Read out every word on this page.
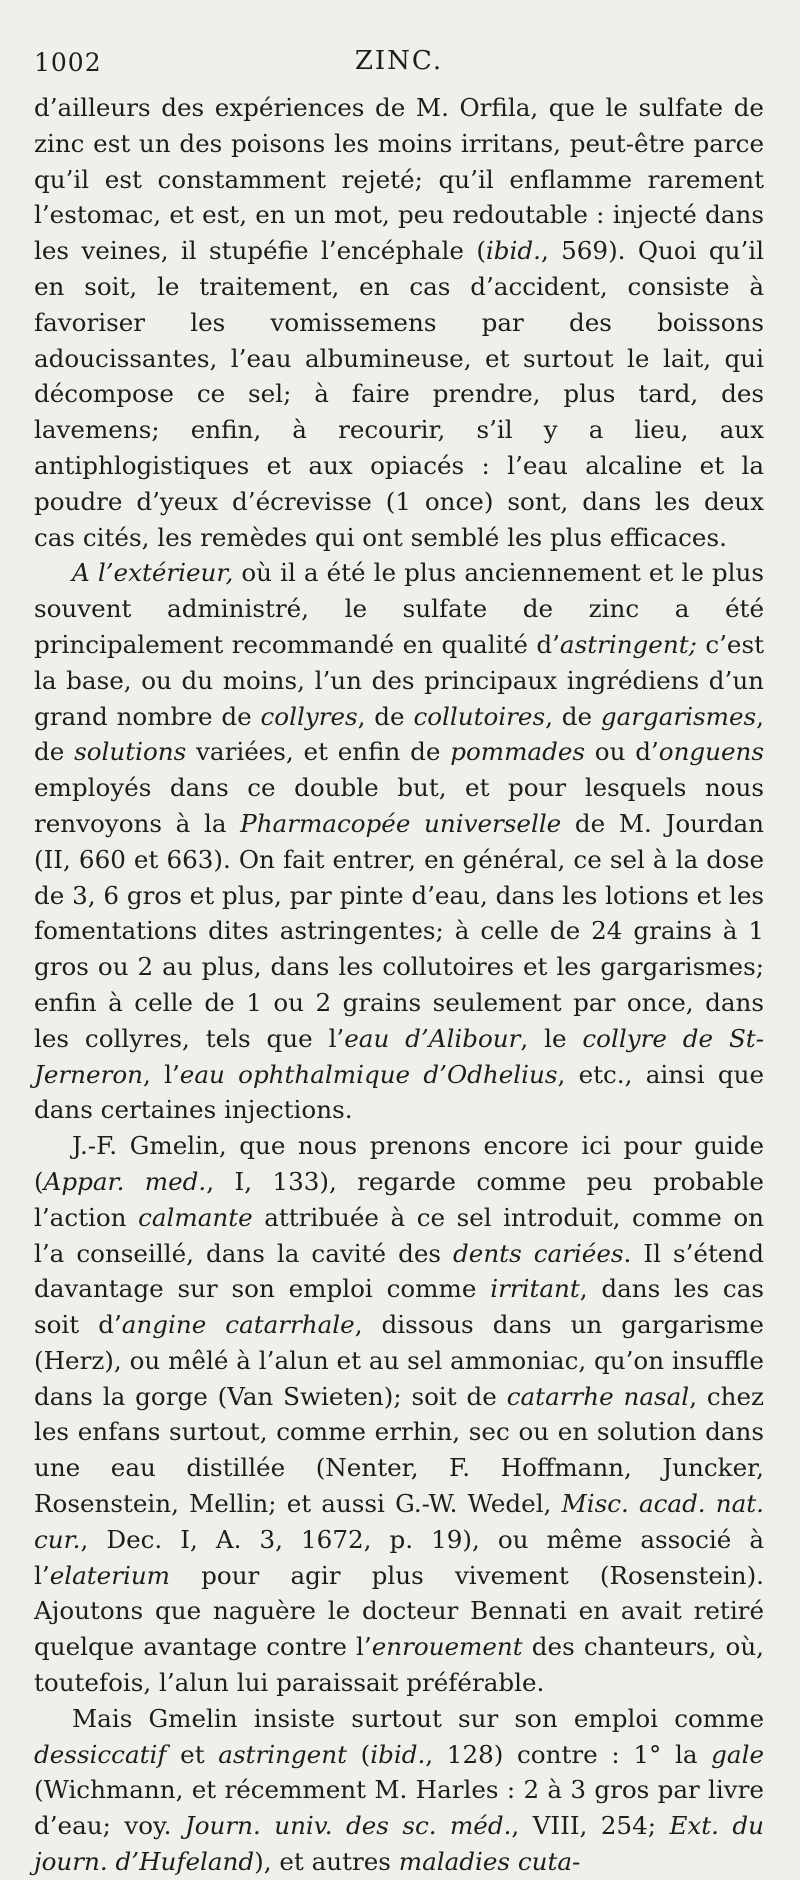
1002	ZINC.

d’ailleurs des expériences de M. Orfila, que le sulfate de zinc est un des poisons les moins irritans, peut-être parce qu’il est constamment rejeté; qu’il enflamme rarement l’estomac, et est, en un mot, peu redoutable : injecté dans les veines, il stupéfie l’encéphale (ibid., 569). Quoi qu’il en soit, le traitement, en cas d’accident, consiste à favoriser les vomissemens par des boissons adoucissantes, l’eau albumineuse, et surtout le lait, qui décompose ce sel; à faire prendre, plus tard, des lavemens; enfin, à recourir, s’il y a lieu, aux antiphlogistiques et aux opiacés : l’eau alcaline et la poudre d’yeux d’écrevisse (1 once) sont, dans les deux cas cités, les remèdes qui ont semblé les plus efficaces.

A l’extérieur, où il a été le plus anciennement et le plus souvent administré, le sulfate de zinc a été principalement recommandé en qualité d’astringent; c’est la base, ou du moins, l’un des principaux ingrédiens d’un grand nombre de collyres, de collutoires, de gargarismes, de solutions variées, et enfin de pommades ou d’onguens employés dans ce double but, et pour lesquels nous renvoyons à la Pharmacopée universelle de M. Jourdan (II, 660 et 663). On fait entrer, en général, ce sel à la dose de 3, 6 gros et plus, par pinte d’eau, dans les lotions et les fomentations dites astringentes; à celle de 24 grains à 1 gros ou 2 au plus, dans les collutoires et les gargarismes; enfin à celle de 1 ou 2 grains seulement par once, dans les collyres, tels que l’eau d’Alibour, le collyre de St-Jerneron, l’eau ophthalmique d’Odhelius, etc., ainsi que dans certaines injections.

J.-F. Gmelin, que nous prenons encore ici pour guide (Appar. med., I, 133), regarde comme peu probable l’action calmante attribuée à ce sel introduit, comme on l’a conseillé, dans la cavité des dents cariées. Il s’étend davantage sur son emploi comme irritant, dans les cas soit d’angine catarrhale, dissous dans un gargarisme (Herz), ou mêlé à l’alun et au sel ammoniac, qu’on insuffle dans la gorge (Van Swieten); soit de catarrhe nasal, chez les enfans surtout, comme errhin, sec ou en solution dans une eau distillée (Nenter, F. Hoffmann, Juncker, Rosenstein, Mellin; et aussi G.-W. Wedel, Misc. acad. nat. cur., Dec. I, A. 3, 1672, p. 19), ou même associé à l’elaterium pour agir plus vivement (Rosenstein). Ajoutons que naguère le docteur Bennati en avait retiré quelque avantage contre l’enrouement des chanteurs, où, toutefois, l’alun lui paraissait préférable.

Mais Gmelin insiste surtout sur son emploi comme dessiccatif et astringent (ibid., 128) contre : 1° la gale (Wichmann, et récemment M. Harles : 2 à 3 gros par livre d’eau; voy. Journ. univ. des sc. méd., VIII, 254; Ext. du journ. d’Hufeland), et autres maladies cuta-
